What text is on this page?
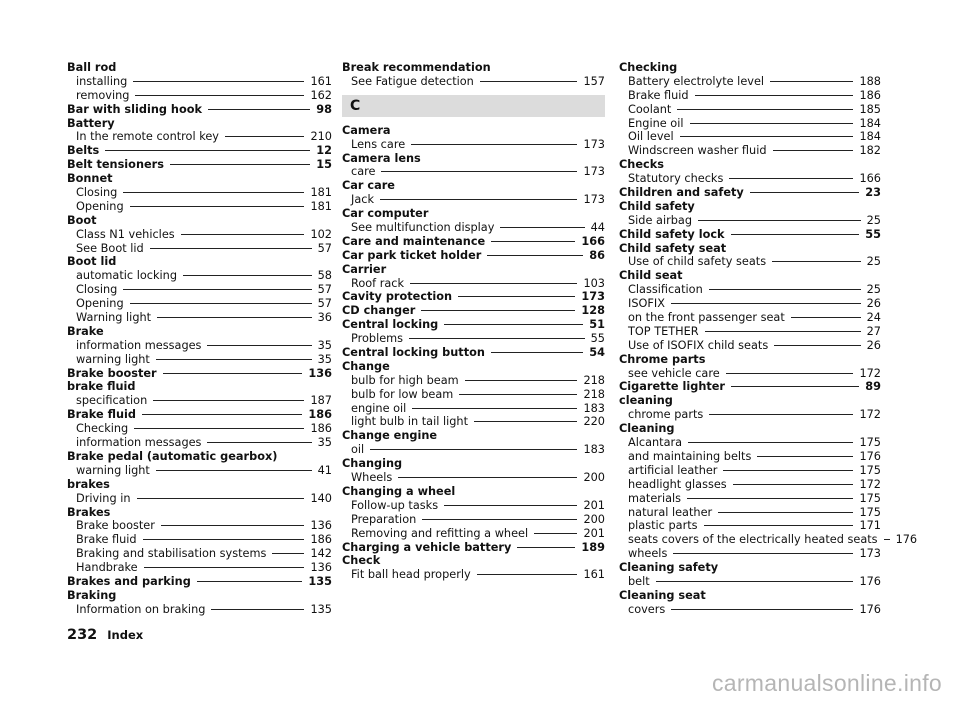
Ball rod
installing	161
removing	162
Bar with sliding hook	98
Battery
In the remote control key	210
Belts	12
Belt tensioners	15
Bonnet
Closing	181
Opening	181
Boot
Class N1 vehicles	102
See Boot lid	57
Boot lid
automatic locking	58
Closing	57
Opening	57
Warning light	36
Brake
information messages	35
warning light	35
Brake booster	136
brake fluid
specification	187
Brake fluid	186
Checking	186
information messages	35
Brake pedal (automatic gearbox)
warning light	41
brakes
Driving in	140
Brakes
Brake booster	136
Brake fluid	186
Braking and stabilisation systems	142
Handbrake	136
Brakes and parking	135
Braking
Information on braking	135
Break recommendation
See Fatigue detection	157
C
Camera
Lens care	173
Camera lens
care	173
Car care
Jack	173
Car computer
See multifunction display	44
Care and maintenance	166
Car park ticket holder	86
Carrier
Roof rack	103
Cavity protection	173
CD changer	128
Central locking	51
Problems	55
Central locking button	54
Change
bulb for high beam	218
bulb for low beam	218
engine oil	183
light bulb in tail light	220
Change engine
oil	183
Changing
Wheels	200
Changing a wheel
Follow-up tasks	201
Preparation	200
Removing and refitting a wheel	201
Charging a vehicle battery	189
Check
Fit ball head properly	161
Checking
Battery electrolyte level	188
Brake fluid	186
Coolant	185
Engine oil	184
Oil level	184
Windscreen washer fluid	182
Checks
Statutory checks	166
Children and safety	23
Child safety
Side airbag	25
Child safety lock	55
Child safety seat
Use of child safety seats	25
Child seat
Classification	25
ISOFIX	26
on the front passenger seat	24
TOP TETHER	27
Use of ISOFIX child seats	26
Chrome parts
see vehicle care	172
Cigarette lighter	89
cleaning
chrome parts	172
Cleaning
Alcantara	175
and maintaining belts	176
artificial leather	175
headlight glasses	172
materials	175
natural leather	175
plastic parts	171
seats covers of the electrically heated seats 176
wheels	173
Cleaning safety
belt	176
Cleaning seat
covers	176
232 Index
carmanualsonline.info
